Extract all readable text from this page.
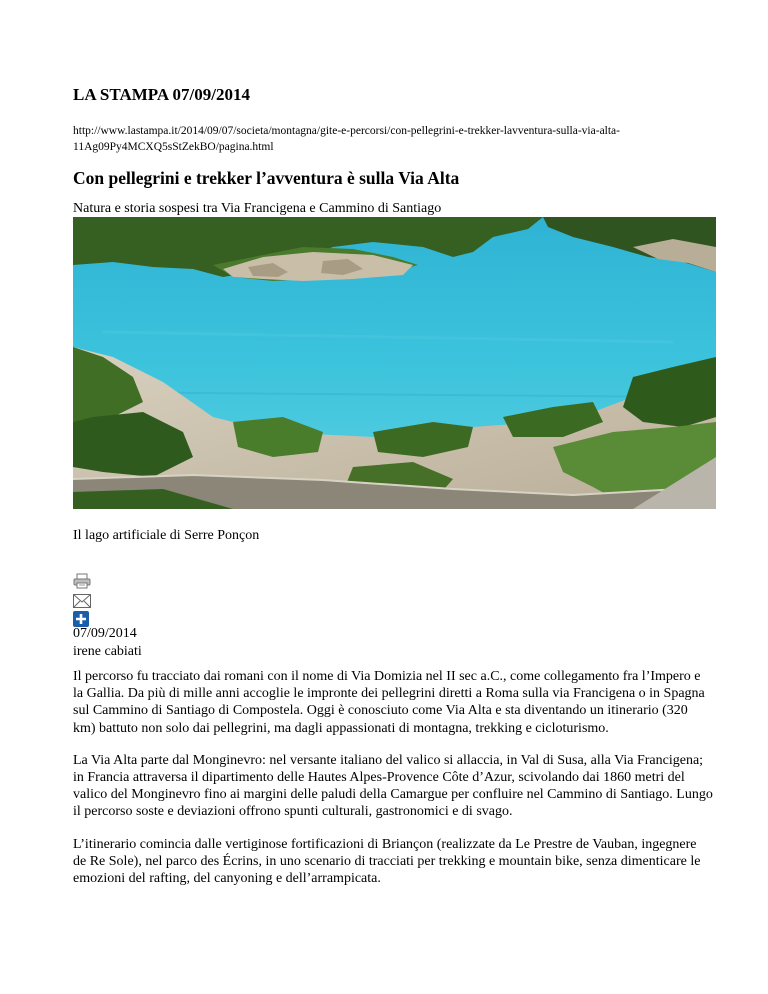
LA STAMPA 07/09/2014
http://www.lastampa.it/2014/09/07/societa/montagna/gite-e-percorsi/con-pellegrini-e-trekker-lavventura-sulla-via-alta-11Ag09Py4MCXQ5sStZekBO/pagina.html
Con pellegrini e trekker l’avventura è sulla Via Alta
Natura e storia sospesi tra Via Francigena e Cammino di Santiago
Il lago artificiale di Serre Ponçon
07/09/2014
irene cabiati

Il percorso fu tracciato dai romani con il nome di Via Domizia nel II sec a.C., come collegamento fra l’Impero e la Gallia. Da più di mille anni accoglie le impronte dei pellegrini diretti a Roma sulla via Francigena o in Spagna sul Cammino di Santiago di Compostela. Oggi è conosciuto come Via Alta e sta diventando un itinerario (320 km) battuto non solo dai pellegrini, ma dagli appassionati di montagna, trekking e cicloturismo.

La Via Alta parte dal Monginevro: nel versante italiano del valico si allaccia, in Val di Susa, alla Via Francigena; in Francia attraversa il dipartimento delle Hautes Alpes-Provence Côte d’Azur, scivolando dai 1860 metri del valico del Monginevro fino ai margini delle paludi della Camargue per confluire nel Cammino di Santiago. Lungo il percorso soste e deviazioni offrono spunti culturali, gastronomici e di svago.

L’itinerario comincia dalle vertiginose fortificazioni di Briançon (realizzate da Le Prestre de Vauban, ingegnere de Re Sole), nel parco des Écrins, in uno scenario di tracciati per trekking e mountain bike, senza dimenticare le emozioni del rafting, del canyoning e dell’arrampicata.
